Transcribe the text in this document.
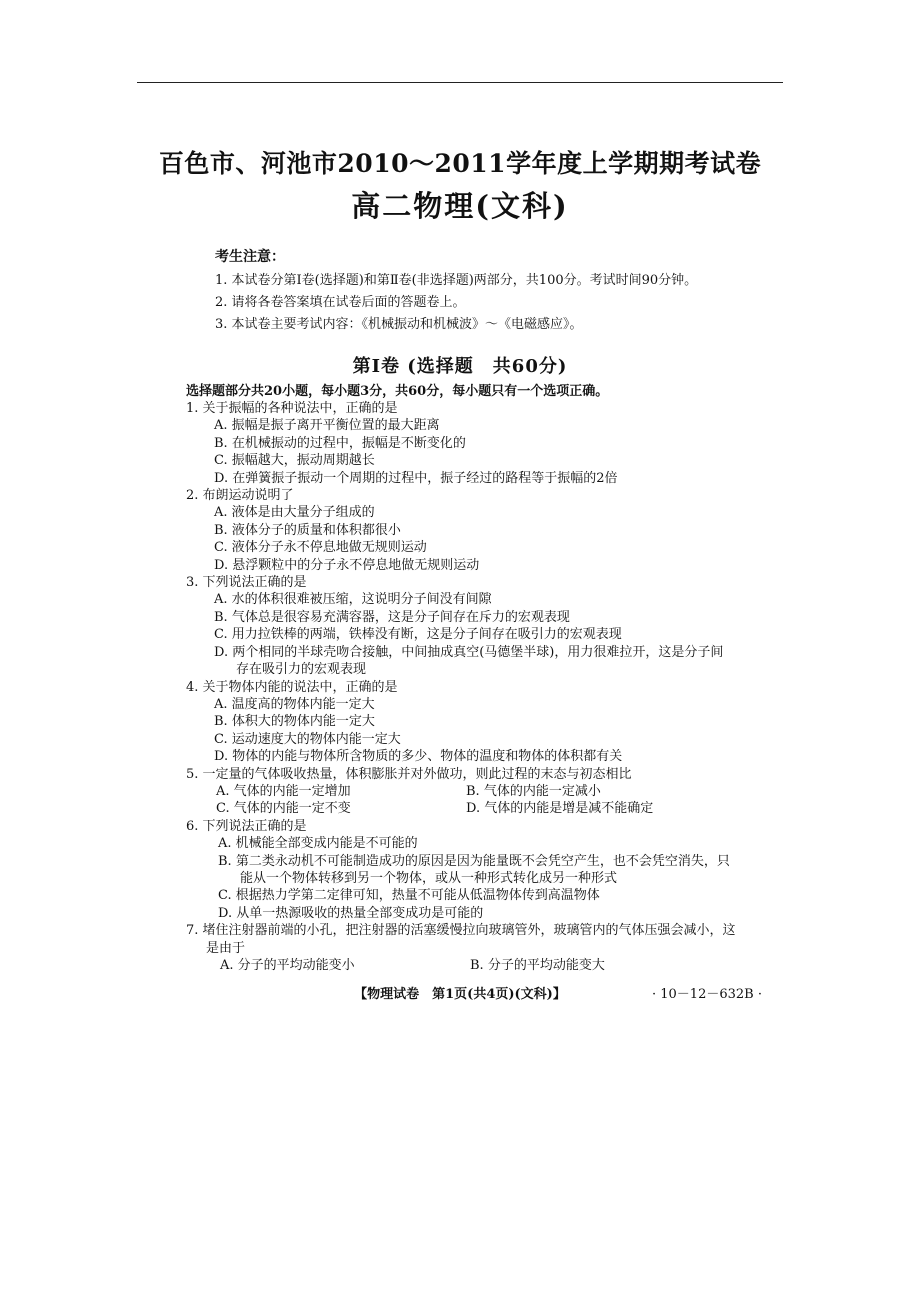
百色市、河池市2010～2011学年度上学期期考试卷
高二物理(文科)
考生注意：
1. 本试卷分第Ⅰ卷(选择题)和第Ⅱ卷(非选择题)两部分，共100分。考试时间90分钟。
2. 请将各卷答案填在试卷后面的答题卷上。
3. 本试卷主要考试内容：《机械振动和机械波》～《电磁感应》。
第Ⅰ卷 (选择题　共60分)
选择题部分共20小题，每小题3分，共60分，每小题只有一个选项正确。
1. 关于振幅的各种说法中，正确的是
A. 振幅是振子离开平衡位置的最大距离
B. 在机械振动的过程中，振幅是不断变化的
C. 振幅越大，振动周期越长
D. 在弹簧振子振动一个周期的过程中，振子经过的路程等于振幅的2倍
2. 布朗运动说明了
A. 液体是由大量分子组成的
B. 液体分子的质量和体积都很小
C. 液体分子永不停息地做无规则运动
D. 悬浮颗粒中的分子永不停息地做无规则运动
3. 下列说法正确的是
A. 水的体积很难被压缩，这说明分子间没有间隙
B. 气体总是很容易充满容器，这是分子间存在斥力的宏观表现
C. 用力拉铁棒的两端，铁棒没有断，这是分子间存在吸引力的宏观表现
D. 两个相同的半球壳吻合接触，中间抽成真空(马德堡半球)，用力很难拉开，这是分子间
存在吸引力的宏观表现
4. 关于物体内能的说法中，正确的是
A. 温度高的物体内能一定大
B. 体积大的物体内能一定大
C. 运动速度大的物体内能一定大
D. 物体的内能与物体所含物质的多少、物体的温度和物体的体积都有关
5. 一定量的气体吸收热量，体积膨胀并对外做功，则此过程的末态与初态相比
A. 气体的内能一定增加	B. 气体的内能一定减小
C. 气体的内能一定不变	D. 气体的内能是增是减不能确定
6. 下列说法正确的是
A. 机械能全部变成内能是不可能的
B. 第二类永动机不可能制造成功的原因是因为能量既不会凭空产生，也不会凭空消失，只
能从一个物体转移到另一个物体，或从一种形式转化成另一种形式
C. 根据热力学第二定律可知，热量不可能从低温物体传到高温物体
D. 从单一热源吸收的热量全部变成功是可能的
7. 堵住注射器前端的小孔，把注射器的活塞缓慢拉向玻璃管外，玻璃管内的气体压强会减小，这
是由于
A. 分子的平均动能变小	B. 分子的平均动能变大
【物理试卷　第1页(共4页)(文科)】	· 10－12－632B ·
